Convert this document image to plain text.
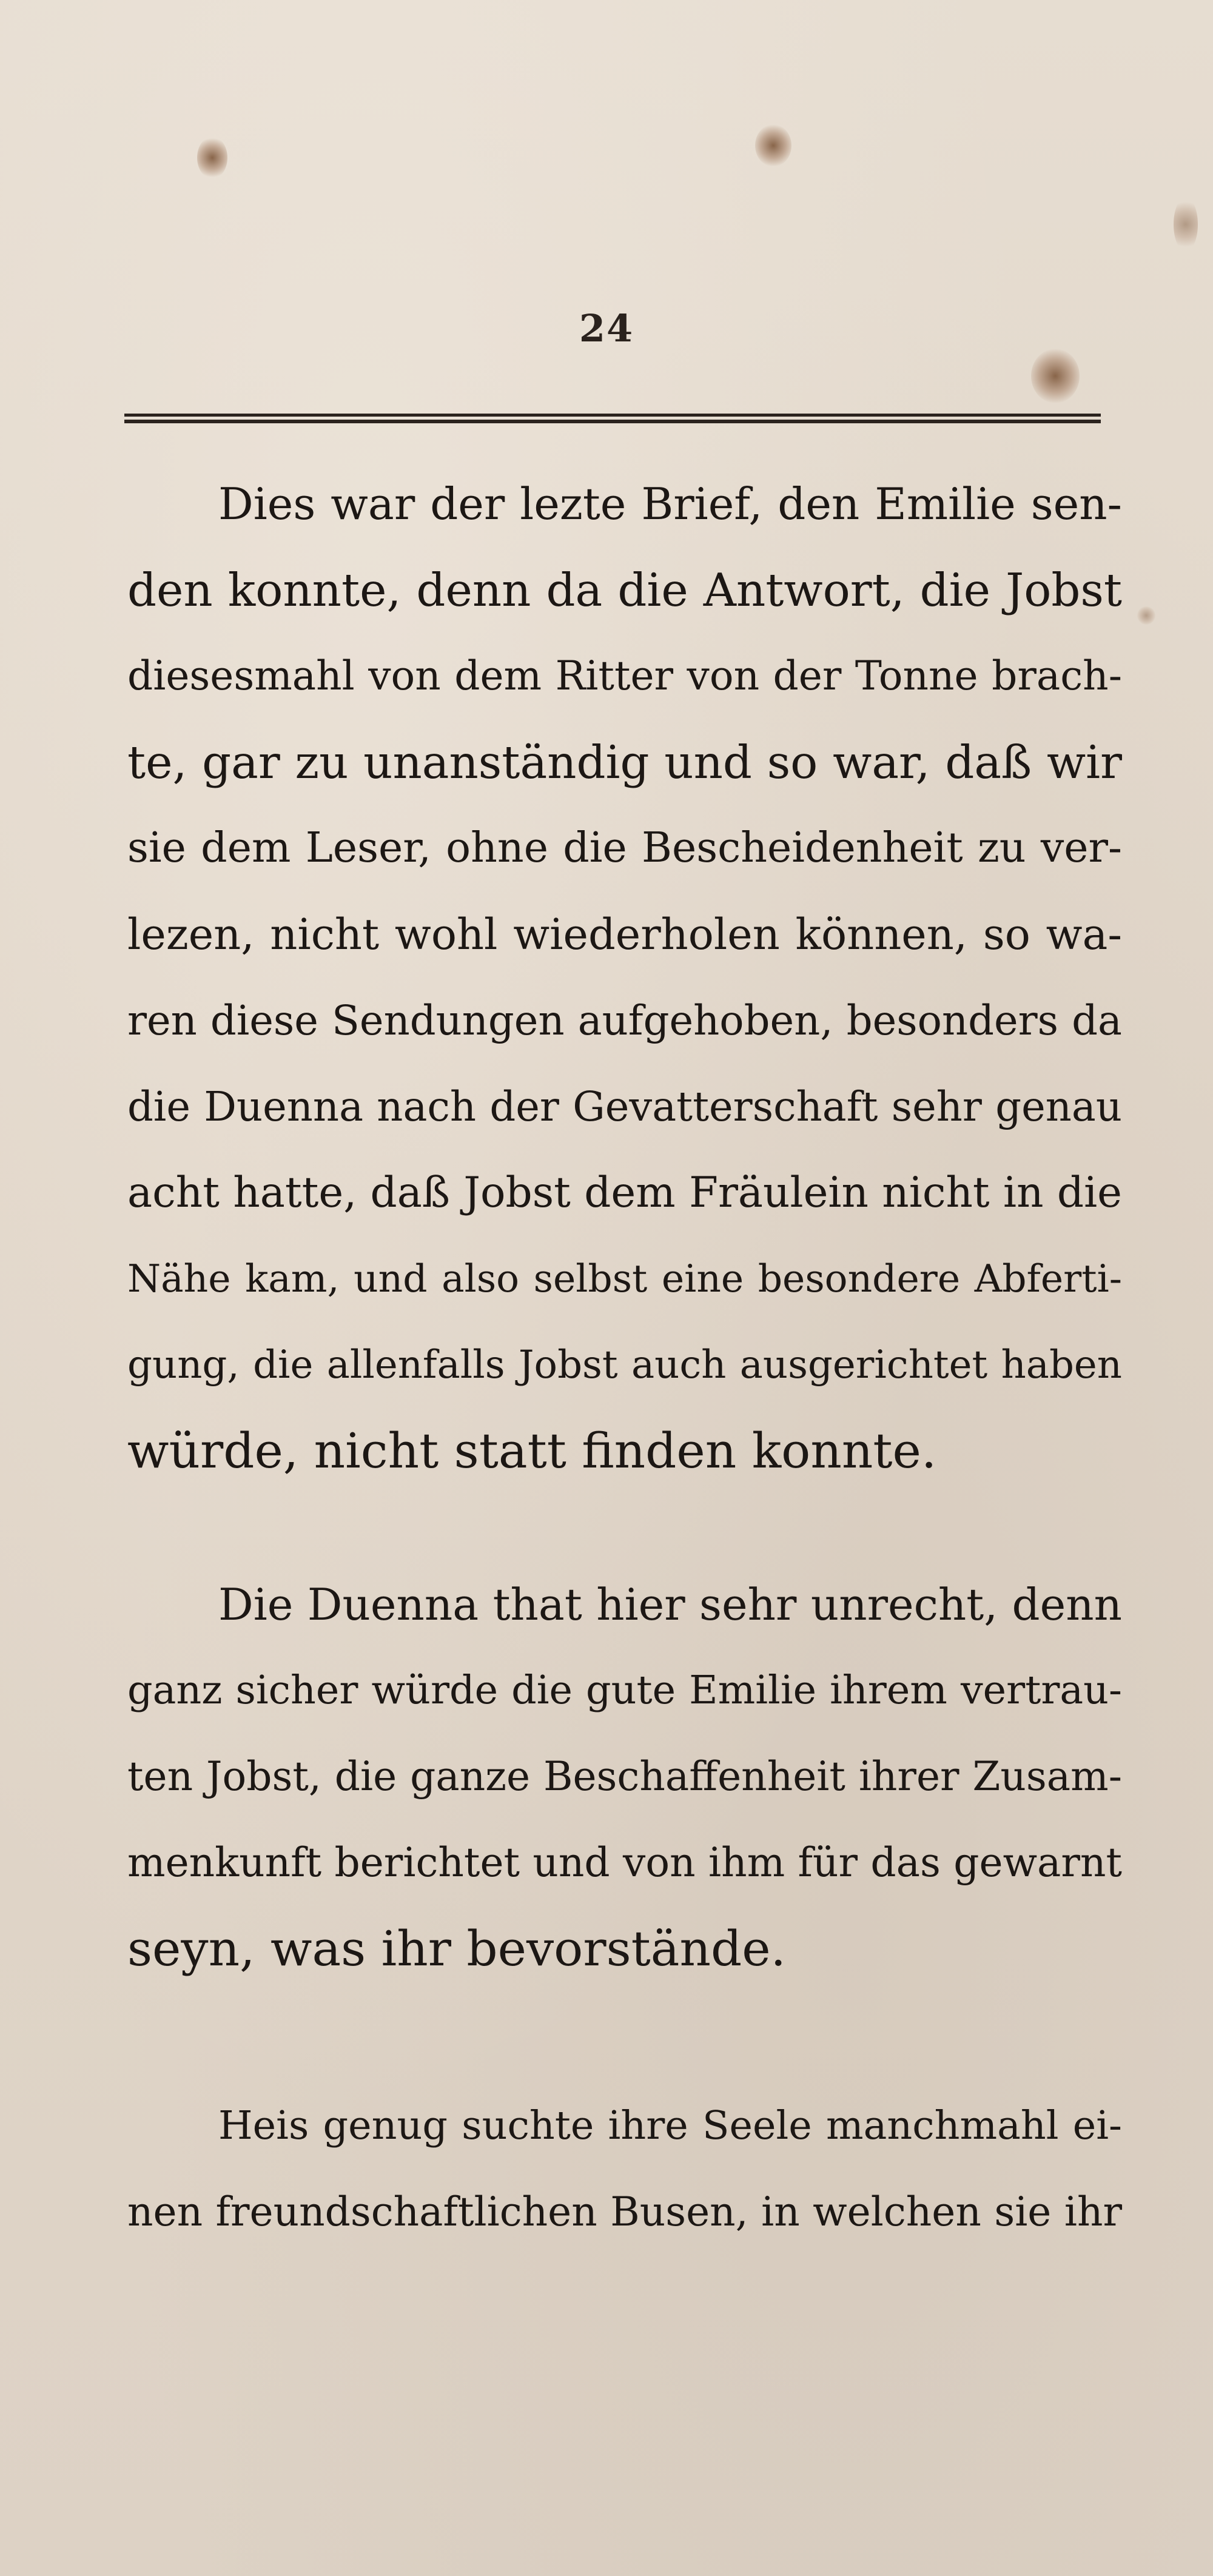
24
Dies war der lezte Brief, den Emilie sen-
den konnte, denn da die Antwort, die Jobst
diesesmahl von dem Ritter von der Tonne brach-
te, gar zu unanständig und so war, daß wir
sie dem Leser, ohne die Bescheidenheit zu ver-
lezen, nicht wohl wiederholen können, so wa-
ren diese Sendungen aufgehoben, besonders da
die Duenna nach der Gevatterschaft sehr genau
acht hatte, daß Jobst dem Fräulein nicht in die
Nähe kam, und also selbst eine besondere Abferti-
gung, die allenfalls Jobst auch ausgerichtet haben
würde, nicht statt finden konnte.
Die Duenna that hier sehr unrecht, denn
ganz sicher würde die gute Emilie ihrem vertrau-
ten Jobst, die ganze Beschaffenheit ihrer Zusam-
menkunft berichtet und von ihm für das gewarnt
seyn, was ihr bevorstände.
Heis genug suchte ihre Seele manchmahl ei-
nen freundschaftlichen Busen, in welchen sie ihr
